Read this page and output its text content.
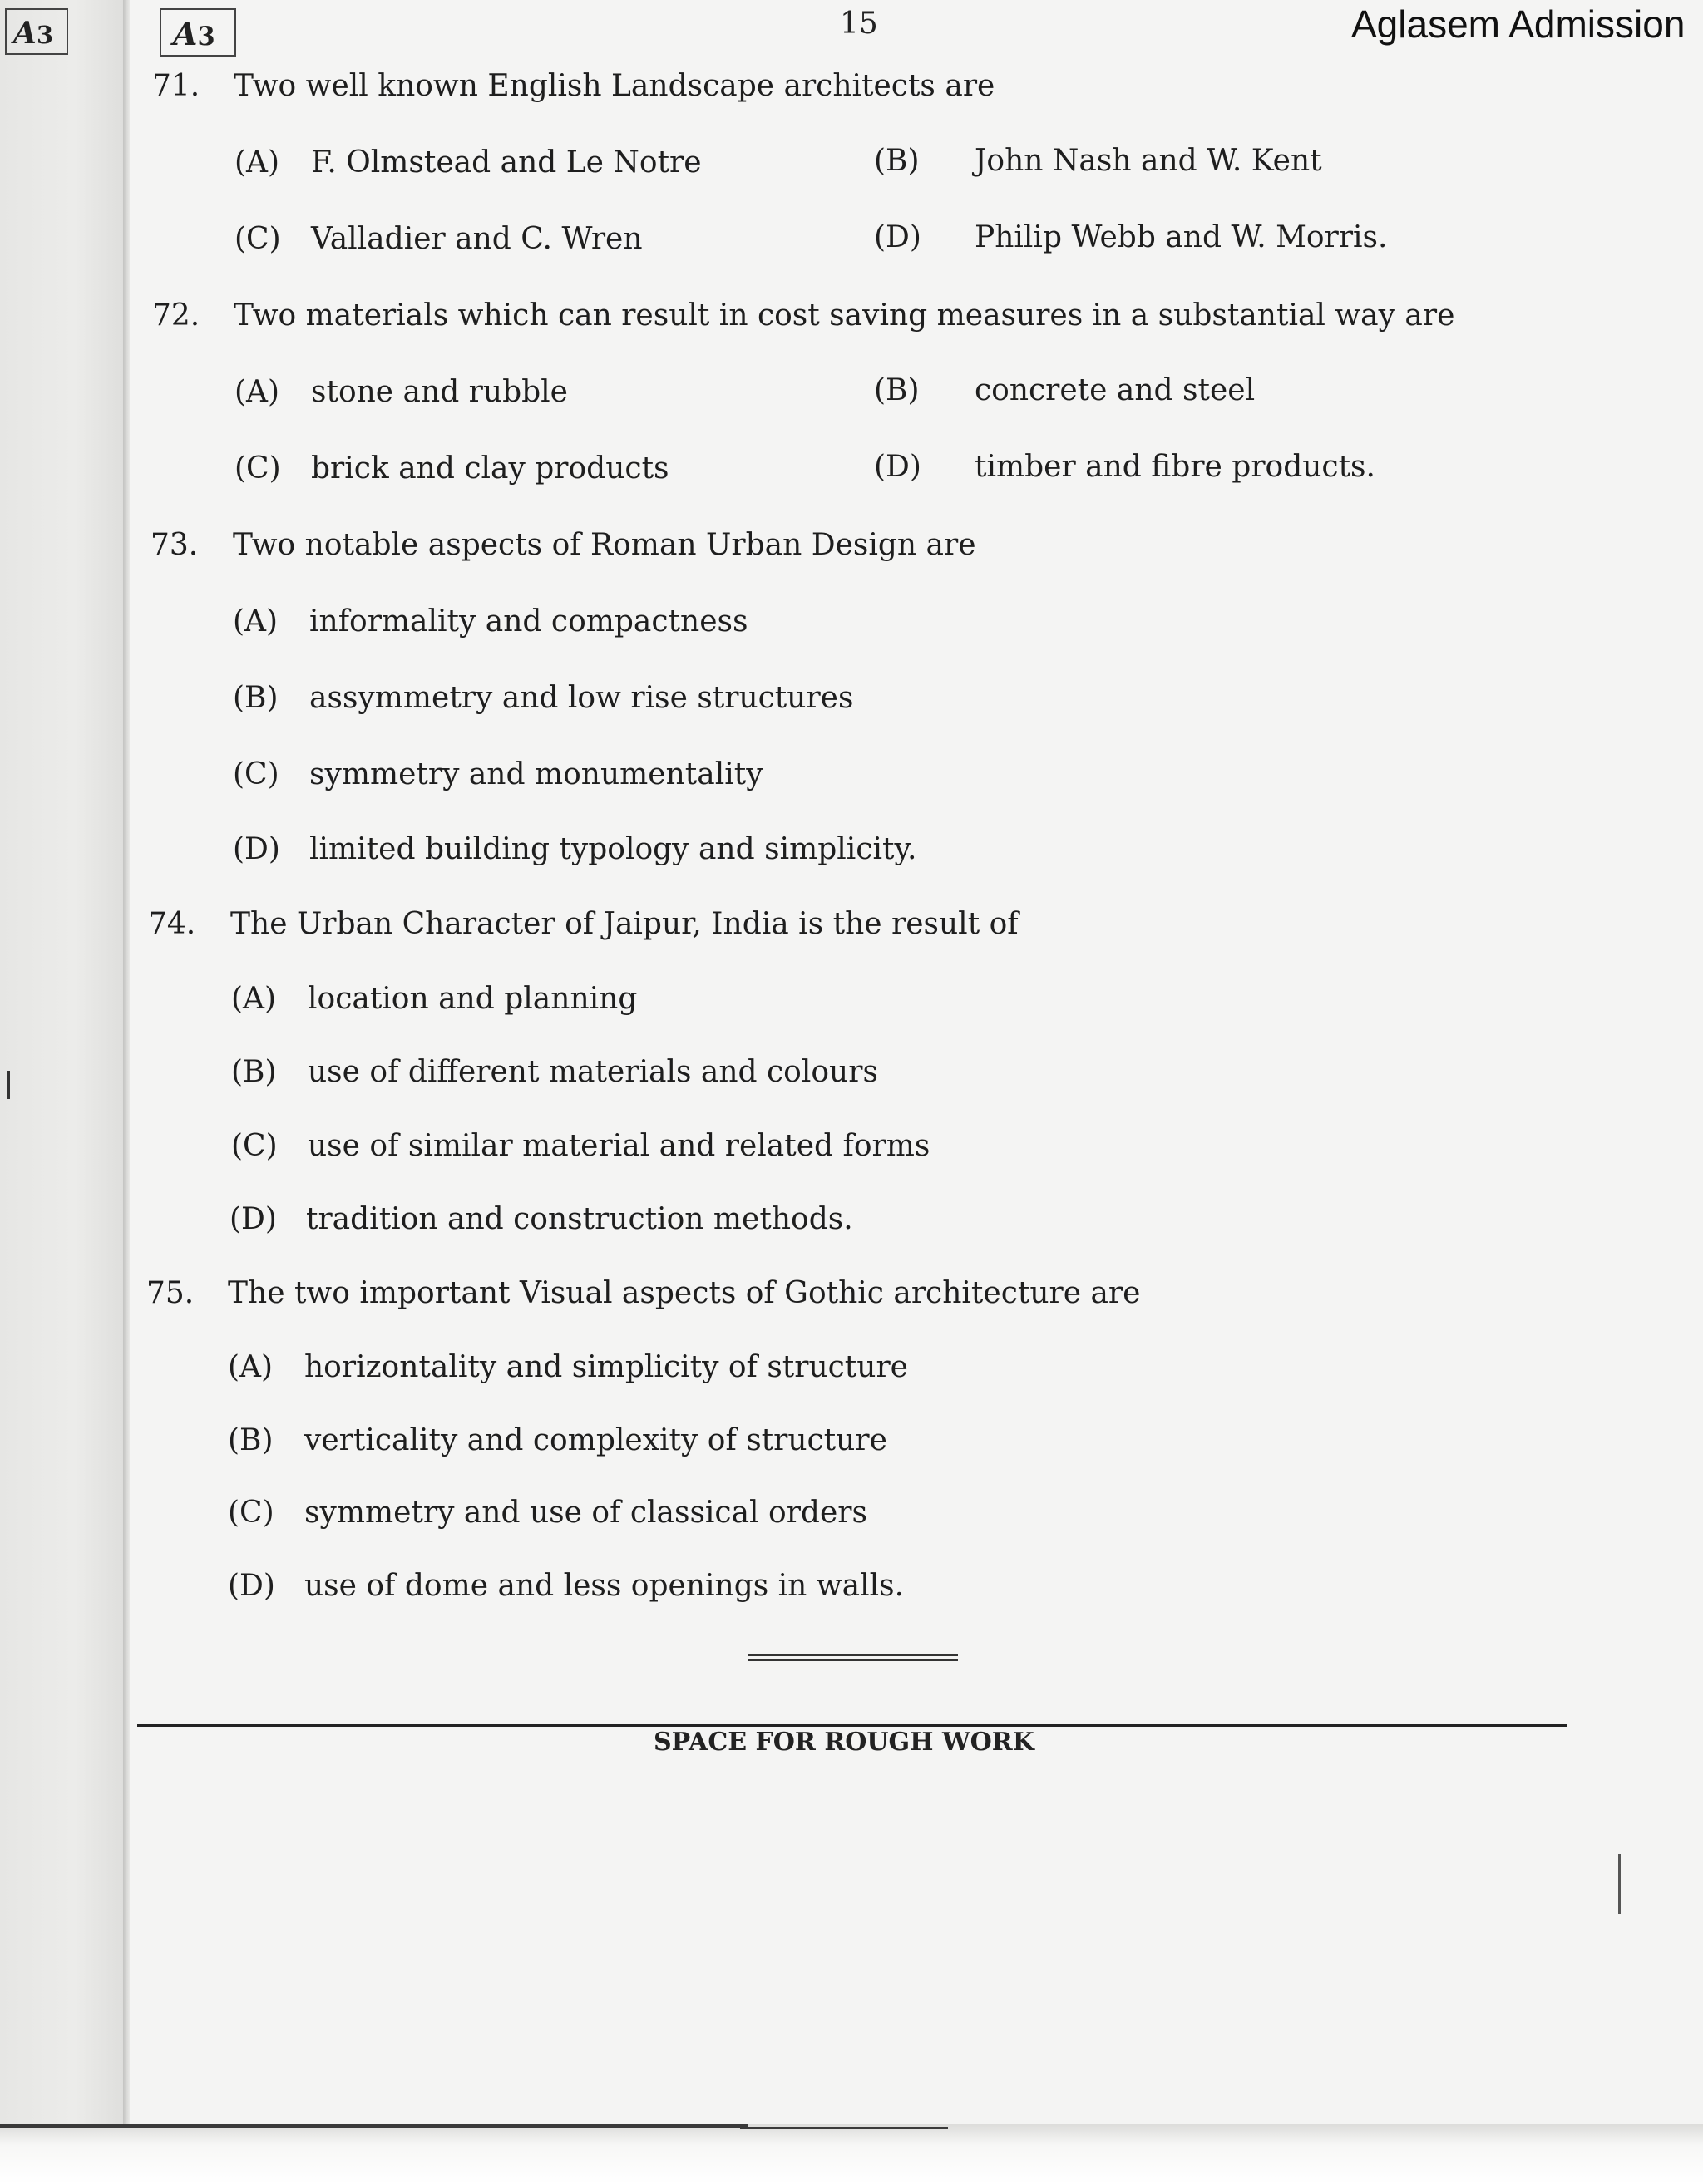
A3	A3	15	Aglasem Admission
71. Two well known English Landscape architects are
(A) F. Olmstead and Le Notre	(B) John Nash and W. Kent
(C) Valladier and C. Wren	(D) Philip Webb and W. Morris.
72. Two materials which can result in cost saving measures in a substantial way are
(A) stone and rubble	(B) concrete and steel
(C) brick and clay products	(D) timber and fibre products.
73. Two notable aspects of Roman Urban Design are
(A) informality and compactness
(B) assymmetry and low rise structures
(C) symmetry and monumentality
(D) limited building typology and simplicity.
74. The Urban Character of Jaipur, India is the result of
(A) location and planning
(B) use of different materials and colours
(C) use of similar material and related forms
(D) tradition and construction methods.
75. The two important Visual aspects of Gothic architecture are
(A) horizontality and simplicity of structure
(B) verticality and complexity of structure
(C) symmetry and use of classical orders
(D) use of dome and less openings in walls.
SPACE FOR ROUGH WORK
